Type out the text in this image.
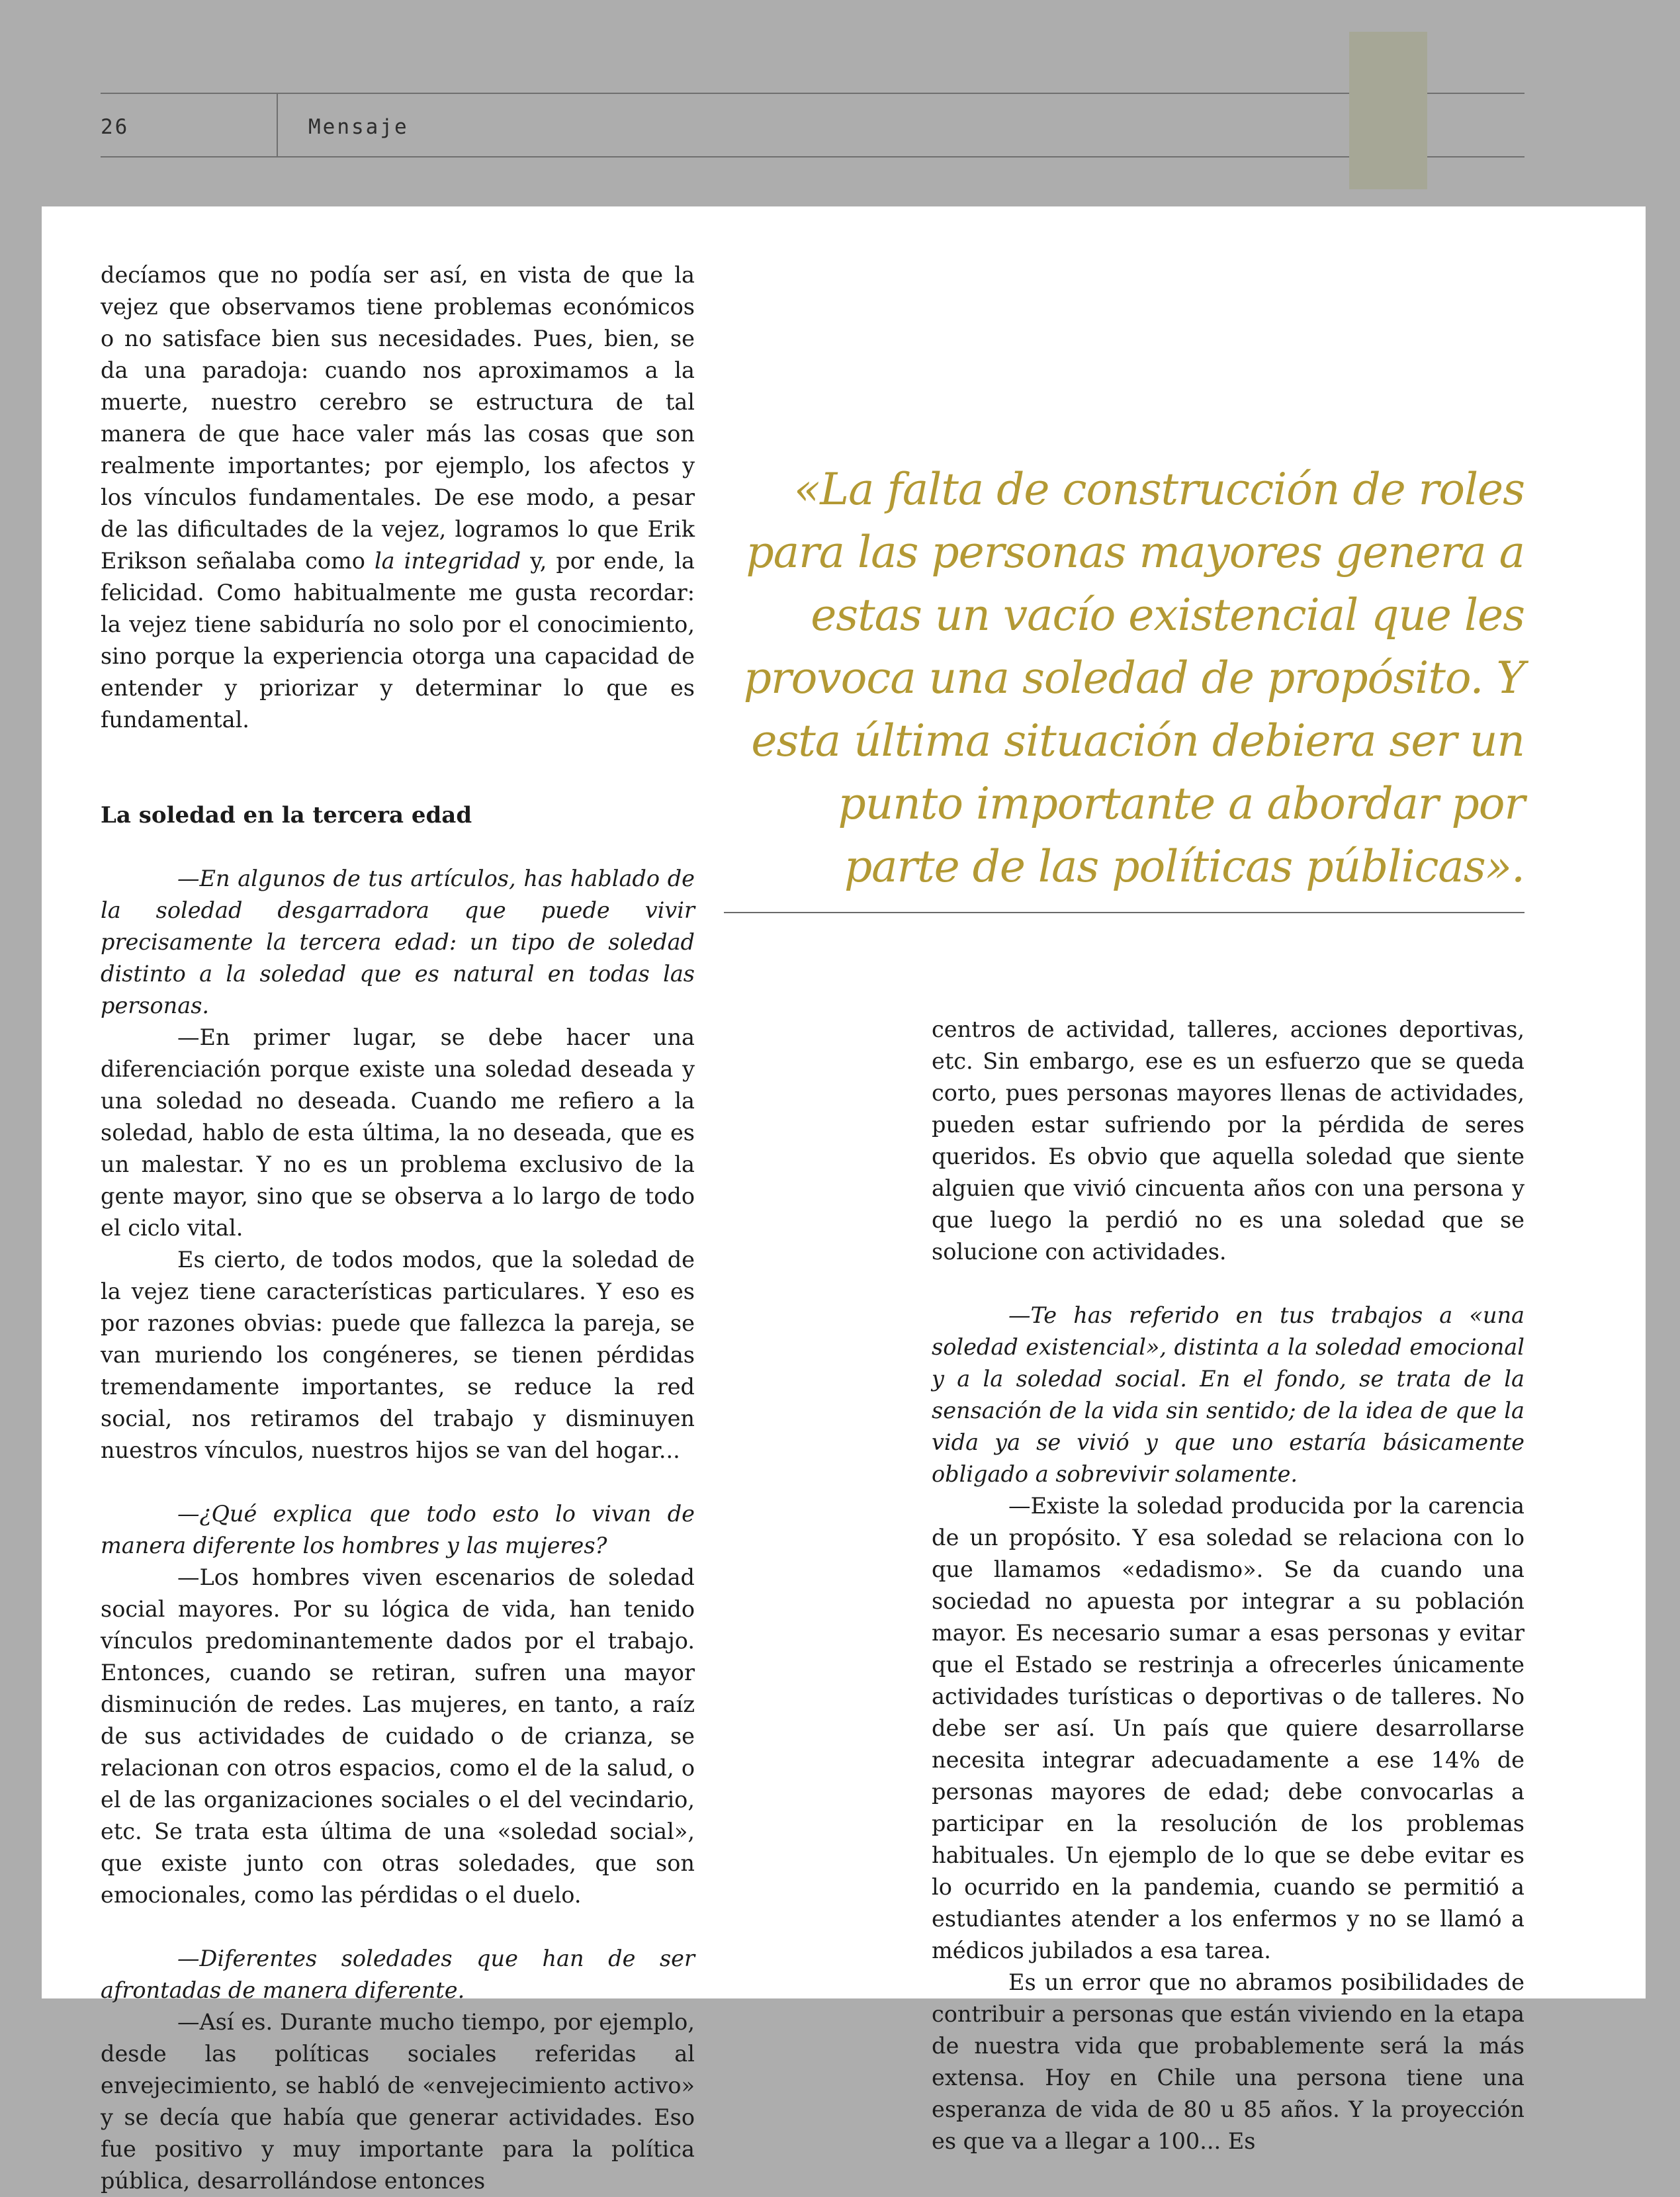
26	Mensaje

decíamos que no podía ser así, en vista de que la vejez que observamos tiene problemas económicos o no satisface bien sus necesidades. Pues, bien, se da una paradoja: cuando nos aproximamos a la muerte, nuestro cerebro se estructura de tal manera de que hace valer más las cosas que son realmente importantes; por ejemplo, los afectos y los vínculos fundamentales. De ese modo, a pesar de las dificultades de la vejez, logramos lo que Erik Erikson señalaba como la integridad y, por ende, la felicidad. Como habitualmente me gusta recordar: la vejez tiene sabiduría no solo por el conocimiento, sino porque la experiencia otorga una capacidad de entender y priorizar y determinar lo que es fundamental.

La soledad en la tercera edad

—En algunos de tus artículos, has hablado de la soledad desgarradora que puede vivir precisamente la tercera edad: un tipo de soledad distinto a la soledad que es natural en todas las personas.

—En primer lugar, se debe hacer una diferenciación porque existe una soledad deseada y una soledad no deseada. Cuando me refiero a la soledad, hablo de esta última, la no deseada, que es un malestar. Y no es un problema exclusivo de la gente mayor, sino que se observa a lo largo de todo el ciclo vital.

Es cierto, de todos modos, que la soledad de la vejez tiene características particulares. Y eso es por razones obvias: puede que fallezca la pareja, se van muriendo los congéneres, se tienen pérdidas tremendamente importantes, se reduce la red social, nos retiramos del trabajo y disminuyen nuestros vínculos, nuestros hijos se van del hogar...

—¿Qué explica que todo esto lo vivan de manera diferente los hombres y las mujeres?

—Los hombres viven escenarios de soledad social mayores. Por su lógica de vida, han tenido vínculos predominantemente dados por el trabajo. Entonces, cuando se retiran, sufren una mayor disminución de redes. Las mujeres, en tanto, a raíz de sus actividades de cuidado o de crianza, se relacionan con otros espacios, como el de la salud, o el de las organizaciones sociales o el del vecindario, etc. Se trata esta última de una «soledad social», que existe junto con otras soledades, que son emocionales, como las pérdidas o el duelo.

—Diferentes soledades que han de ser afrontadas de manera diferente.

—Así es. Durante mucho tiempo, por ejemplo, desde las políticas sociales referidas al envejecimiento, se habló de «envejecimiento activo» y se decía que había que generar actividades. Eso fue positivo y muy importante para la política pública, desarrollándose entonces

«La falta de construcción de roles para las personas mayores genera a estas un vacío existencial que les provoca una soledad de propósito. Y esta última situación debiera ser un punto importante a abordar por parte de las políticas públicas».

centros de actividad, talleres, acciones deportivas, etc. Sin embargo, ese es un esfuerzo que se queda corto, pues personas mayores llenas de actividades, pueden estar sufriendo por la pérdida de seres queridos. Es obvio que aquella soledad que siente alguien que vivió cincuenta años con una persona y que luego la perdió no es una soledad que se solucione con actividades.

—Te has referido en tus trabajos a «una soledad existencial», distinta a la soledad emocional y a la soledad social. En el fondo, se trata de la sensación de la vida sin sentido; de la idea de que la vida ya se vivió y que uno estaría básicamente obligado a sobrevivir solamente.

—Existe la soledad producida por la carencia de un propósito. Y esa soledad se relaciona con lo que llamamos «edadismo». Se da cuando una sociedad no apuesta por integrar a su población mayor. Es necesario sumar a esas personas y evitar que el Estado se restrinja a ofrecerles únicamente actividades turísticas o deportivas o de talleres. No debe ser así. Un país que quiere desarrollarse necesita integrar adecuadamente a ese 14% de personas mayores de edad; debe convocarlas a participar en la resolución de los problemas habituales. Un ejemplo de lo que se debe evitar es lo ocurrido en la pandemia, cuando se permitió a estudiantes atender a los enfermos y no se llamó a médicos jubilados a esa tarea.

Es un error que no abramos posibilidades de contribuir a personas que están viviendo en la etapa de nuestra vida que probablemente será la más extensa. Hoy en Chile una persona tiene una esperanza de vida de 80 u 85 años. Y la proyección es que va a llegar a 100... Es
